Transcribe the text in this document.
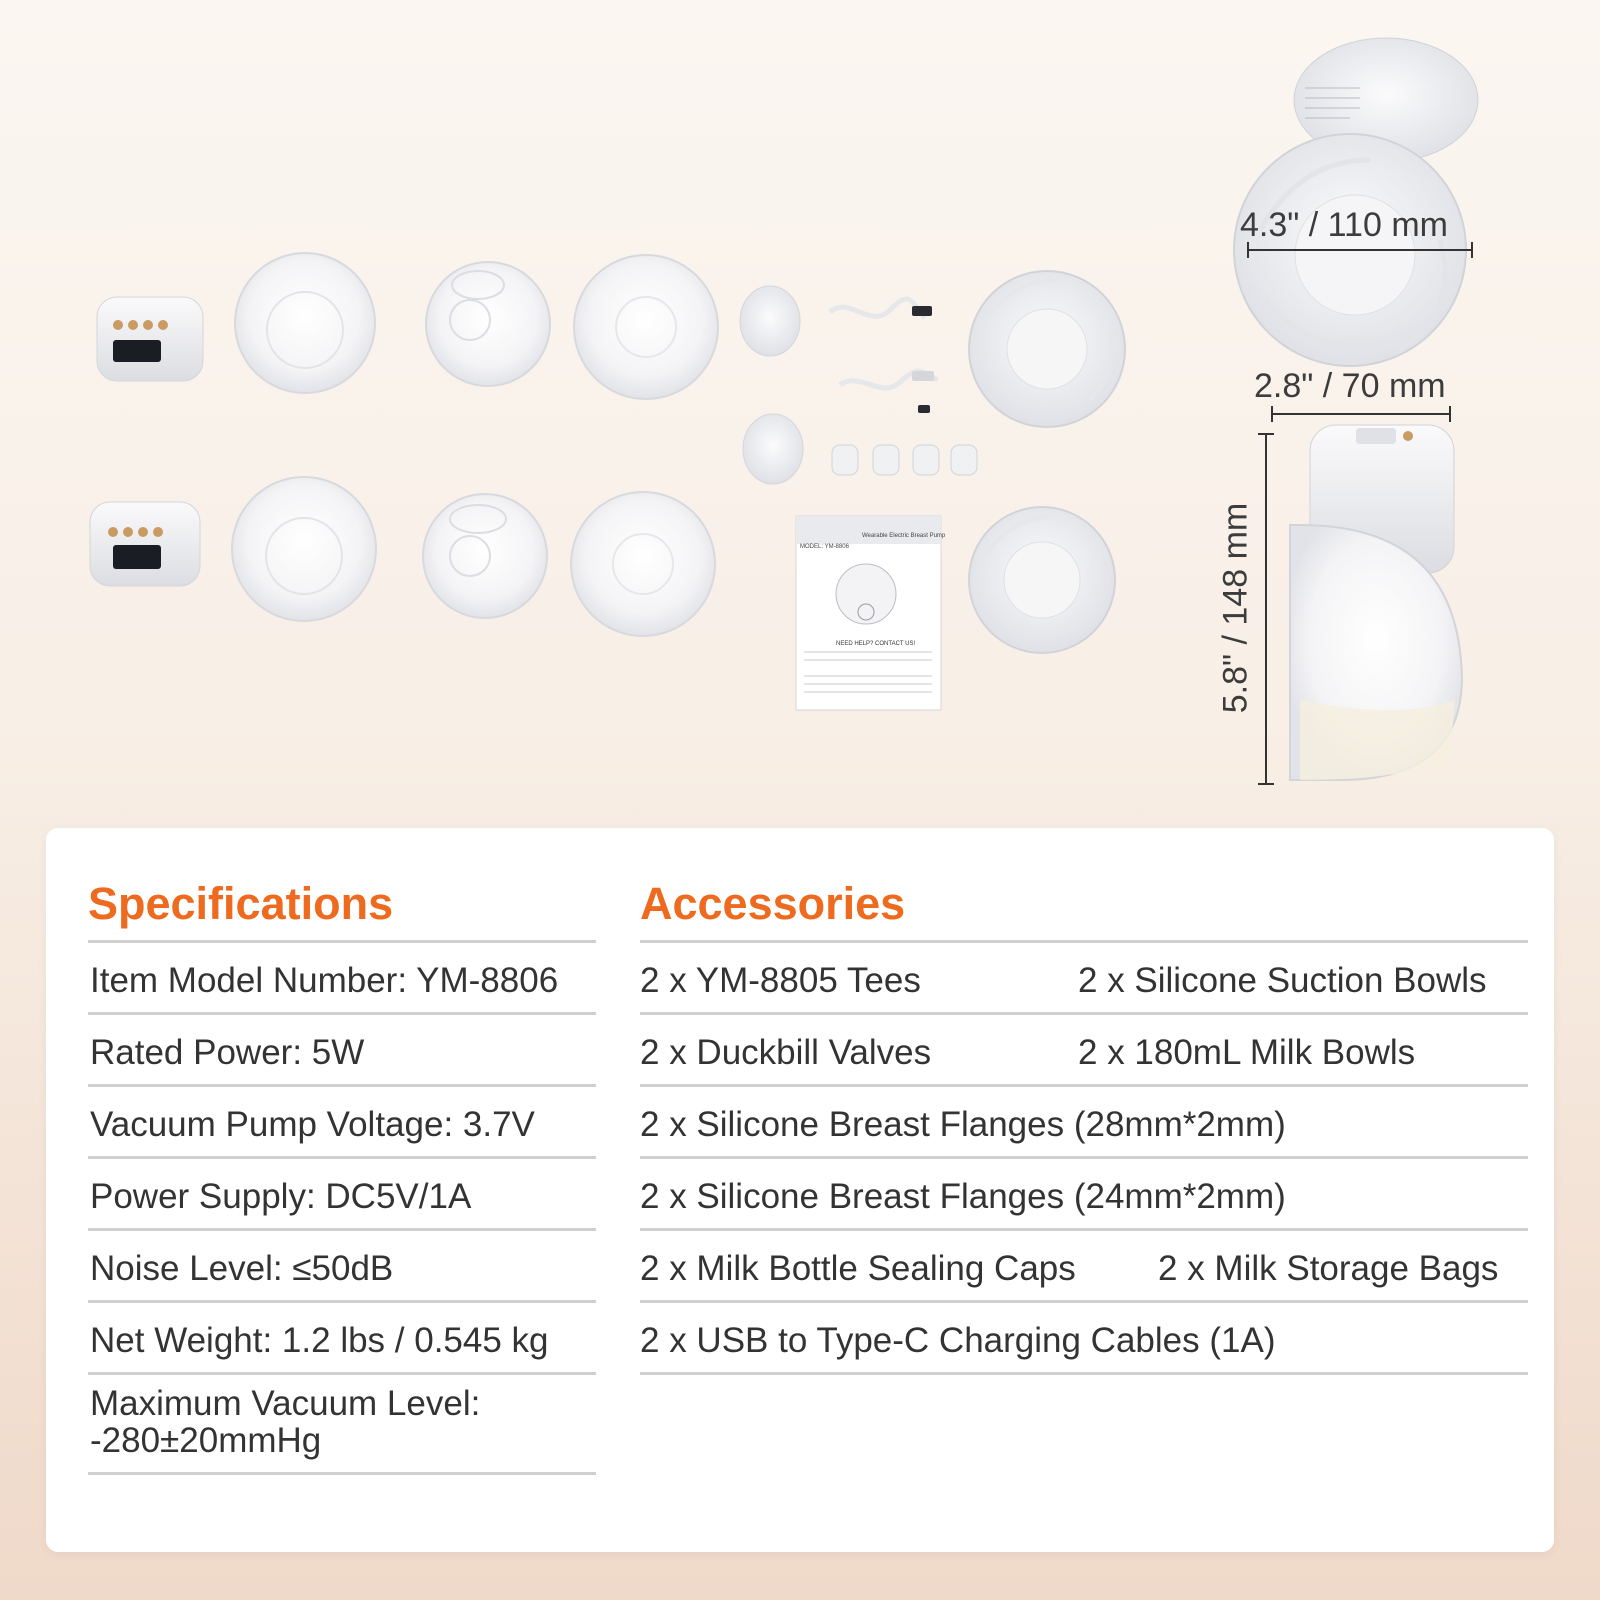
Wearable Electric Breast Pump
MODEL: YM-8806
NEED HELP? CONTACT US!
4.3" / 110 mm
2.8" / 70 mm
5.8" / 148 mm
Specifications	Accessories
Item Model Number: YM-8806
Rated Power: 5W
Vacuum Pump Voltage: 3.7V
Power Supply: DC5V/1A
Noise Level: ≤50dB
Net Weight: 1.2 lbs / 0.545 kg
Maximum Vacuum Level: -280±20mmHg
2 x YM-8805 Tees	2 x Silicone Suction Bowls
2 x Duckbill Valves	2 x 180mL Milk Bowls
2 x Silicone Breast Flanges (28mm*2mm)
2 x Silicone Breast Flanges (24mm*2mm)
2 x Milk Bottle Sealing Caps 2 x Milk Storage Bags
2 x USB to Type-C Charging Cables (1A)
